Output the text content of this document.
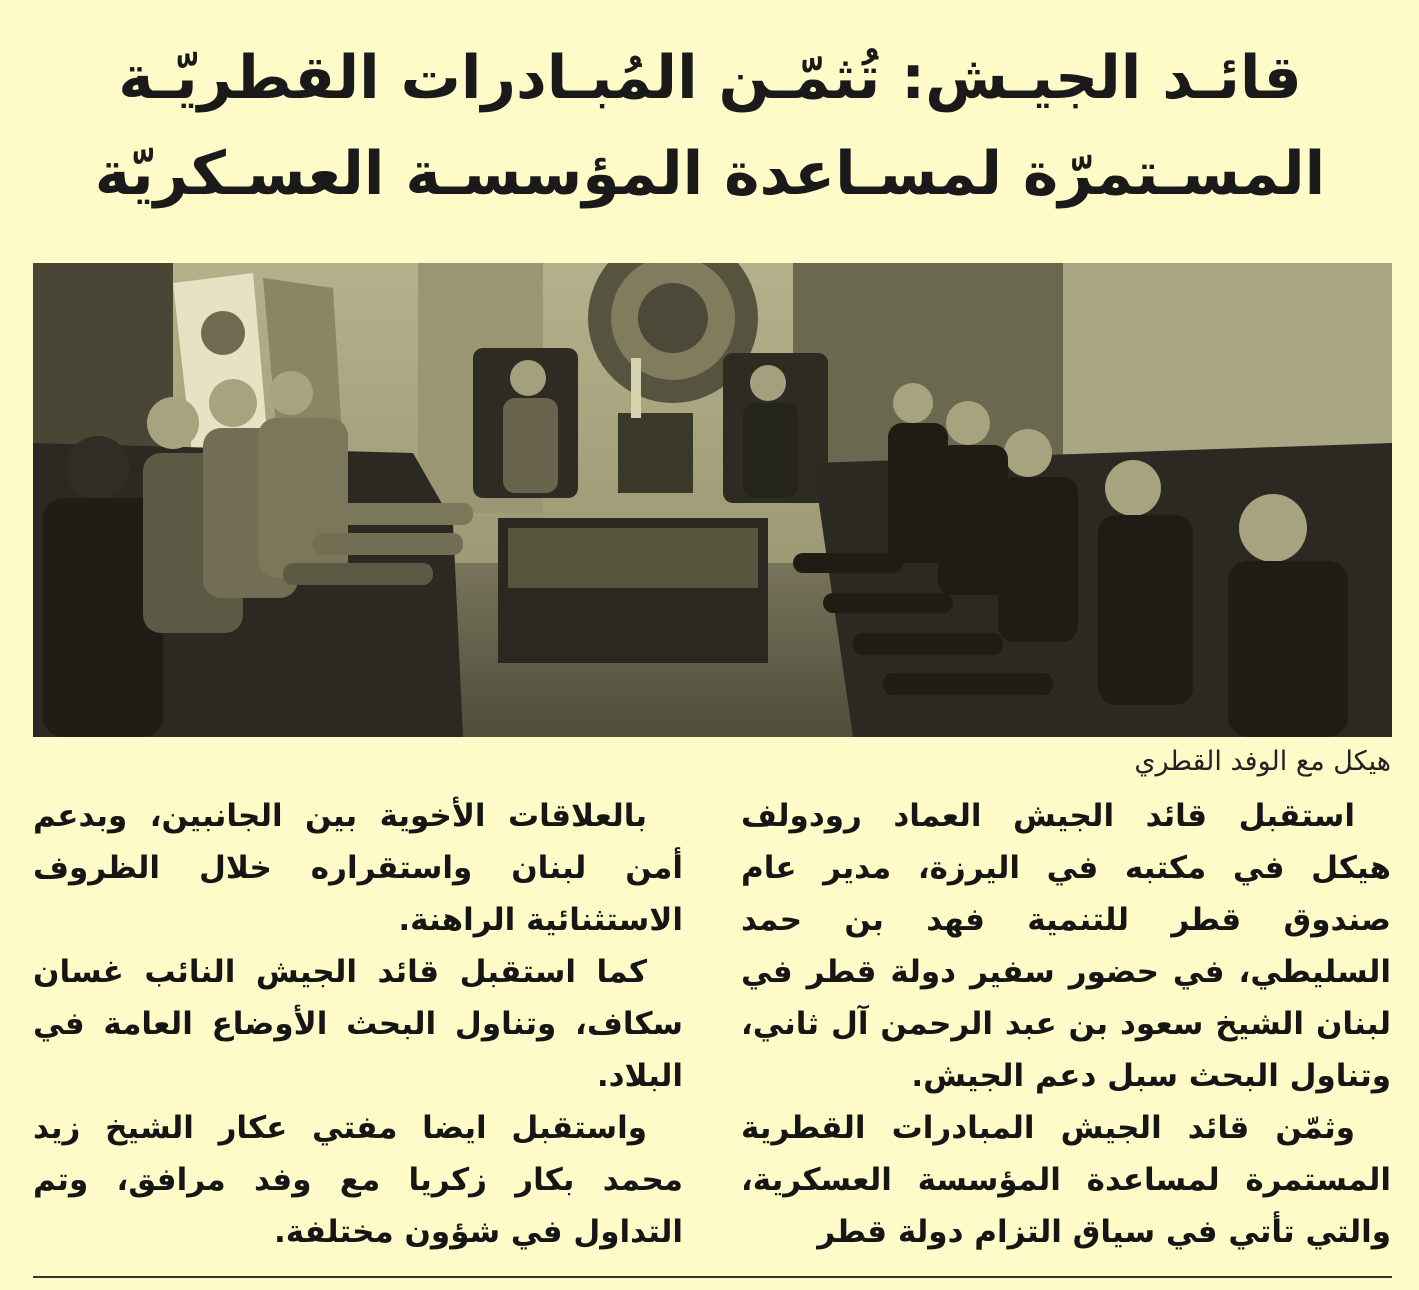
قائـد الجيـش: تُثمّـن المُبـادرات القطريّـة
المسـتمرّة لمسـاعدة المؤسسـة العسـكريّة
هيكل مع الوفد القطري

استقبل قائد الجيش العماد رودولف هيكل في مكتبه في اليرزة، مدير عام صندوق قطر للتنمية فهد بن حمد السليطي، في حضور سفير دولة قطر في لبنان الشيخ سعود بن عبد الرحمن آل ثاني، وتناول البحث سبل دعم الجيش.

وثمّن قائد الجيش المبادرات القطرية المستمرة لمساعدة المؤسسة العسكرية، والتي تأتي في سياق التزام دولة قطر

بالعلاقات الأخوية بين الجانبين، وبدعم أمن لبنان واستقراره خلال الظروف الاستثنائية الراهنة.

كما استقبل قائد الجيش النائب غسان سكاف، وتناول البحث الأوضاع العامة في البلاد.

واستقبل ايضا مفتي عكار الشيخ زيد محمد بكار زكريا مع وفد مرافق، وتم التداول في شؤون مختلفة.
